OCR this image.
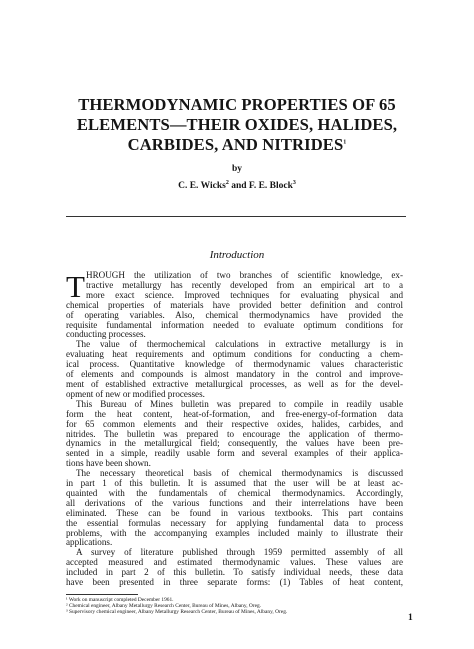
THERMODYNAMIC PROPERTIES OF 65
ELEMENTS—THEIR OXIDES, HALIDES,
CARBIDES, AND NITRIDES$^1$
by
C. E. Wicks$^2$ and F. E. Block$^3$
Introduction
T HROUGH the utilization of two branches of scientific knowledge, ex-
tractive metallurgy has recently developed from an empirical art to a
more exact science. Improved techniques for evaluating physical and
chemical properties of materials have provided better definition and control
of operating variables. Also, chemical thermodynamics have provided the
requisite fundamental information needed to evaluate optimum conditions for
conducting processes.
The value of thermochemical calculations in extractive metallurgy is in
evaluating heat requirements and optimum conditions for conducting a chem-
ical process. Quantitative knowledge of thermodynamic values characteristic
of elements and compounds is almost mandatory in the control and improve-
ment of established extractive metallurgical processes, as well as for the devel-
opment of new or modified processes.
This Bureau of Mines bulletin was prepared to compile in readily usable
form the heat content, heat-of-formation, and free-energy-of-formation data
for 65 common elements and their respective oxides, halides, carbides, and
nitrides. The bulletin was prepared to encourage the application of thermo-
dynamics in the metallurgical field; consequently, the values have been pre-
sented in a simple, readily usable form and several examples of their applica-
tions have been shown.
The necessary theoretical basis of chemical thermodynamics is discussed
in part 1 of this bulletin. It is assumed that the user will be at least ac-
quainted with the fundamentals of chemical thermodynamics. Accordingly,
all derivations of the various functions and their interrelations have been
eliminated. These can be found in various textbooks. This part contains
the essential formulas necessary for applying fundamental data to process
problems, with the accompanying examples included mainly to illustrate their
applications.
A survey of literature published through 1959 permitted assembly of all
accepted measured and estimated thermodynamic values. These values are
included in part 2 of this bulletin. To satisfy individual needs, these data
have been presented in three separate forms: (1) Tables of heat content,
¹ Work on manuscript completed December 1961.
² Chemical engineer, Albany Metallurgy Research Center, Bureau of Mines, Albany, Oreg.
³ Supervisory chemical engineer, Albany Metallurgy Research Center, Bureau of Mines, Albany, Oreg.
1
